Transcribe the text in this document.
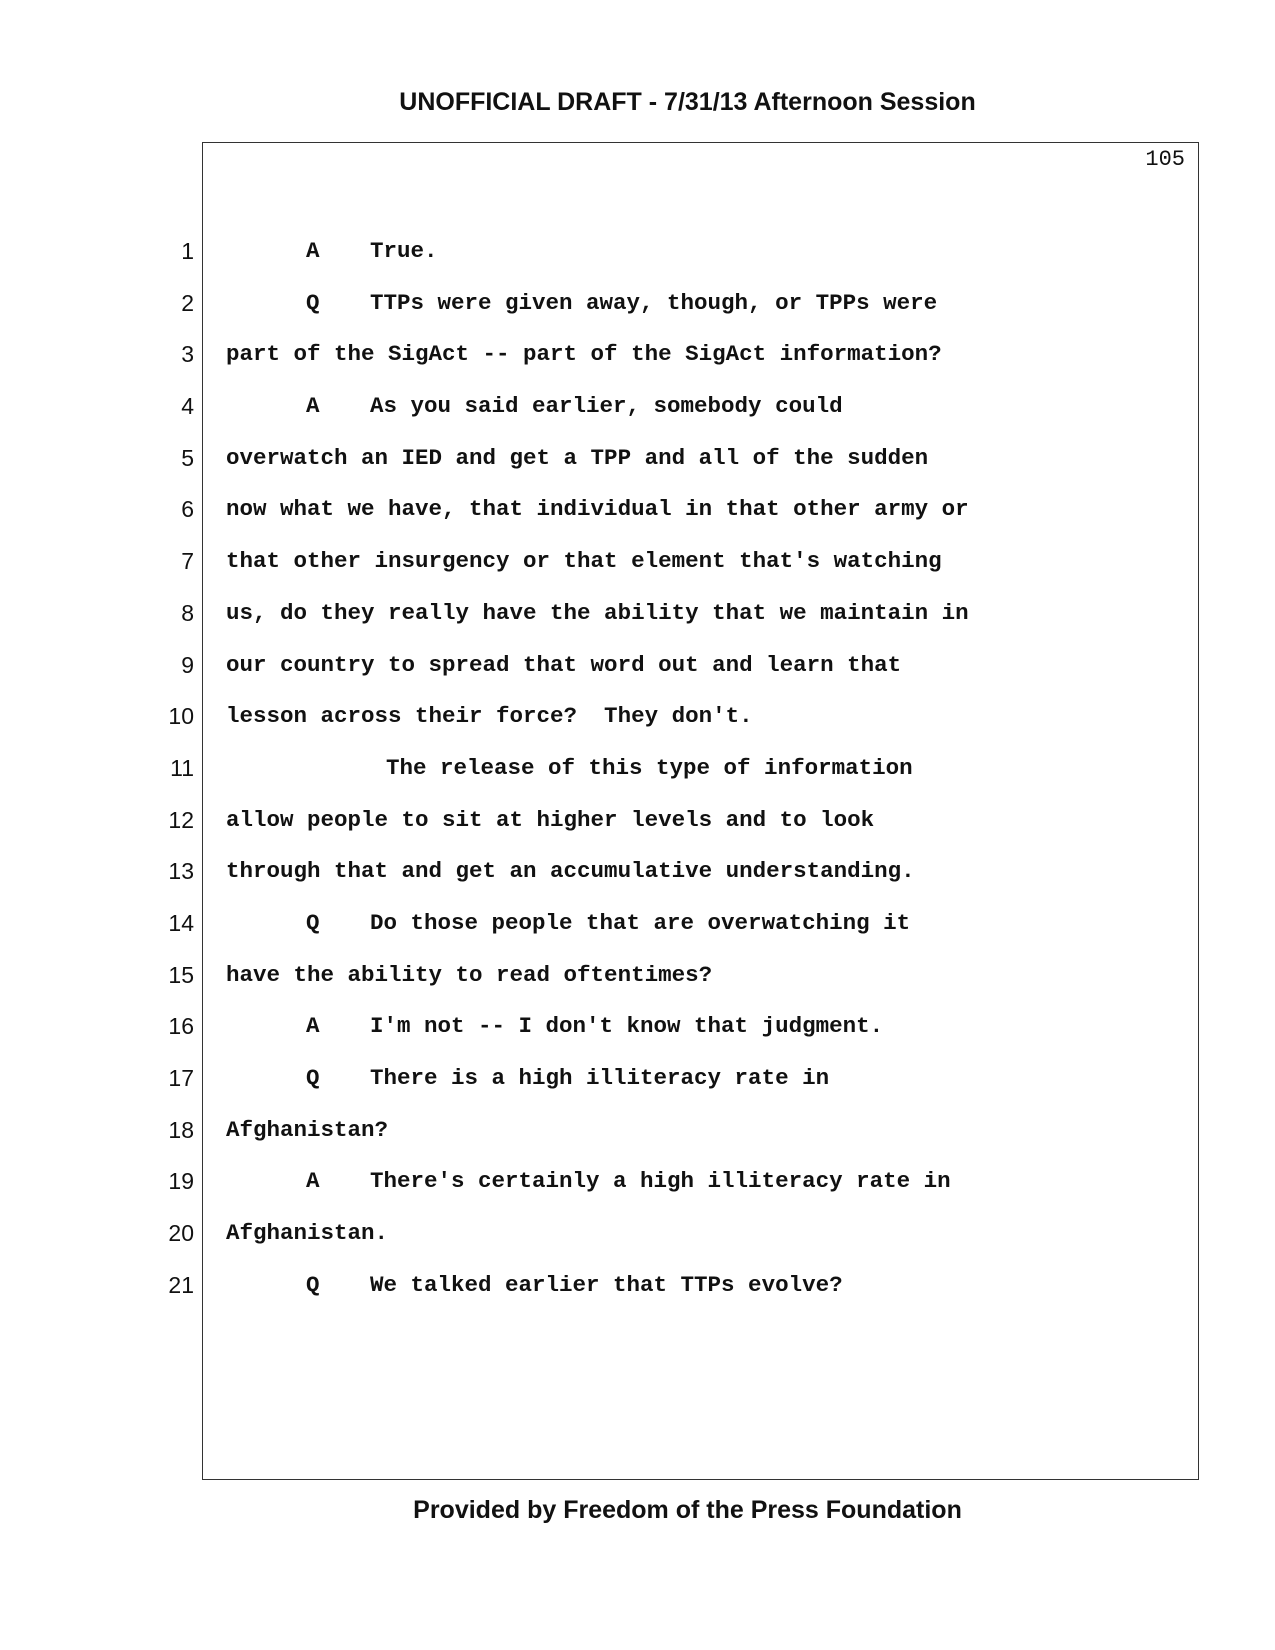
UNOFFICIAL DRAFT - 7/31/13 Afternoon Session
105
1
2
3
4
5
6
7
8
9
10
11
12
13
14
15
16
17
18
19
20
21
A True.
Q TTPs were given away, though, or TPPs were
part of the SigAct -- part of the SigAct information?
A As you said earlier, somebody could
overwatch an IED and get a TPP and all of the sudden
now what we have, that individual in that other army or
that other insurgency or that element that's watching
us, do they really have the ability that we maintain in
our country to spread that word out and learn that
lesson across their force?  They don't.
The release of this type of information
allow people to sit at higher levels and to look
through that and get an accumulative understanding.
Q Do those people that are overwatching it
have the ability to read oftentimes?
A I'm not -- I don't know that judgment.
Q There is a high illiteracy rate in
Afghanistan?
A There's certainly a high illiteracy rate in
Afghanistan.
Q We talked earlier that TTPs evolve?
Provided by Freedom of the Press Foundation
